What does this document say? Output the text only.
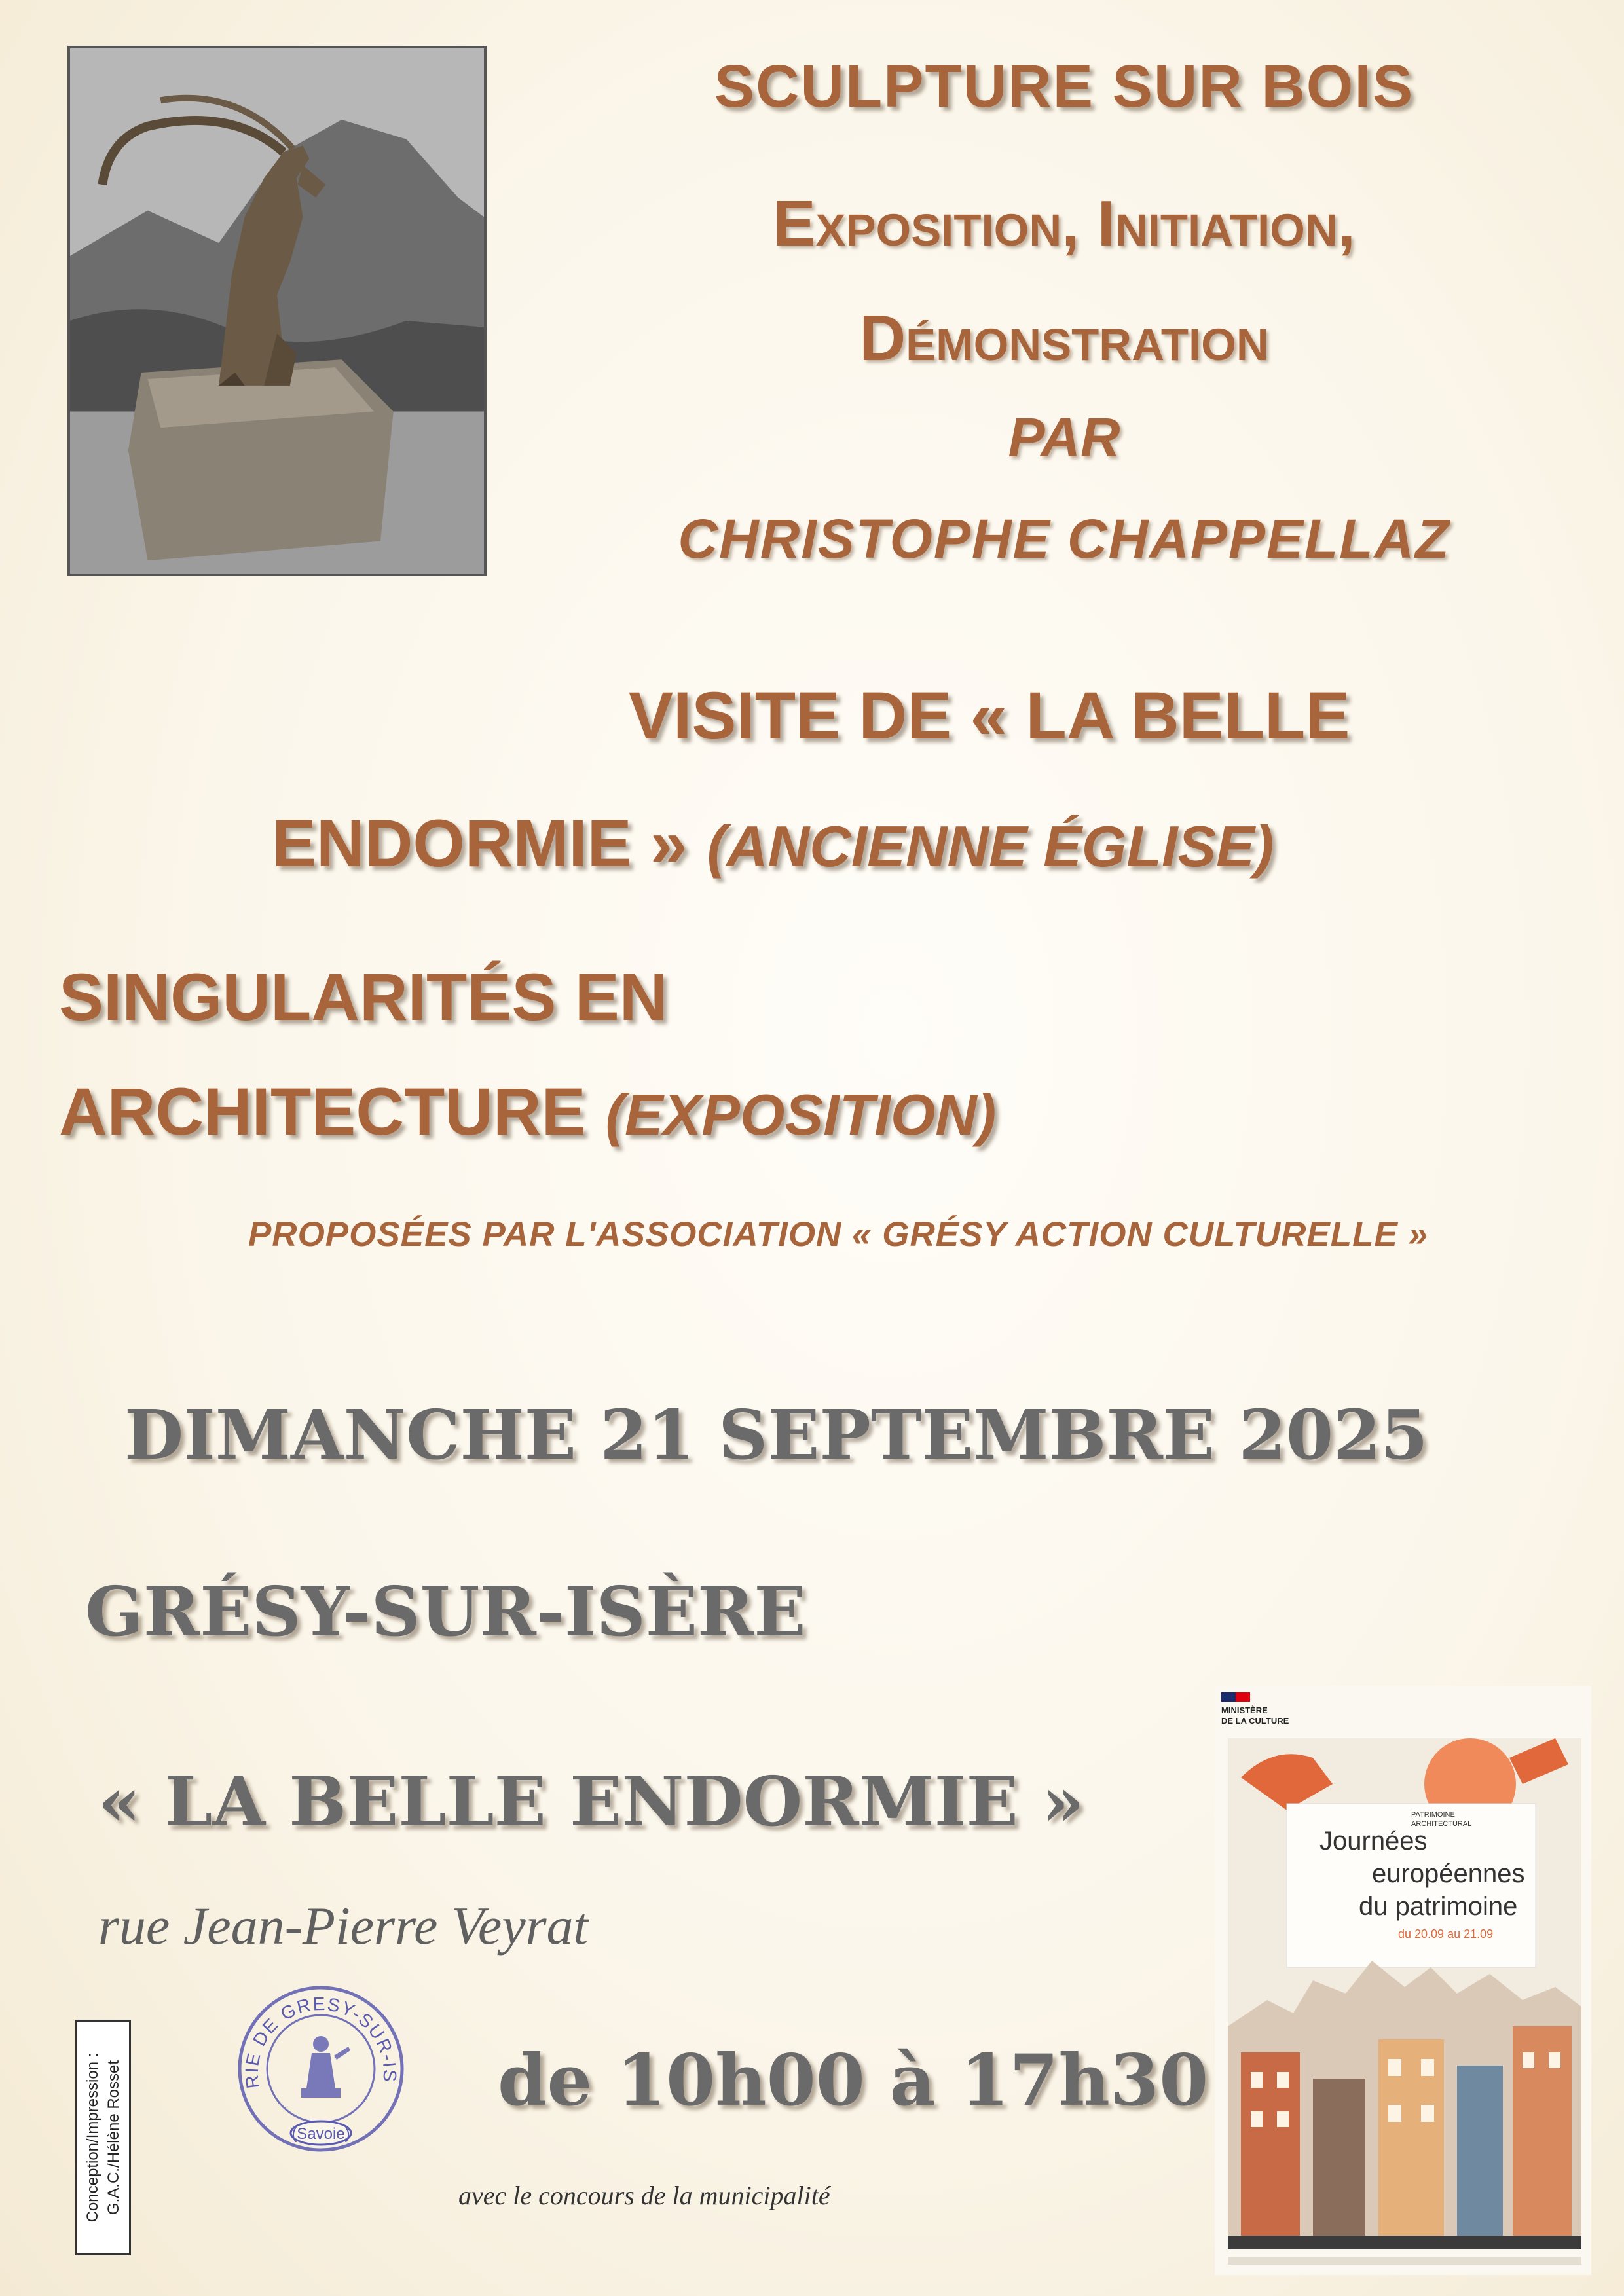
SCULPTURE SUR BOIS
Exposition, Initiation,
Démonstration
PAR
CHRISTOPHE CHAPPELLAZ
VISITE DE « LA BELLE
ENDORMIE » (ANCIENNE ÉGLISE)
SINGULARITÉS EN
ARCHITECTURE (EXPOSITION)
PROPOSÉES PAR L'ASSOCIATION « GRÉSY ACTION CULTURELLE »
DIMANCHE 21 SEPTEMBRE 2025
GRÉSY-SUR-ISÈRE
« LA BELLE ENDORMIE »
rue Jean-Pierre Veyrat
de 10h00 à 17h30
avec le concours de la municipalité
Conception/Impression : G.A.C./Hélène Rosset	RIE DE GRESY-SUR-IS
(Savoie)
MINISTÈRE
DE LA CULTURE
Journées
européennes
du patrimoine
PATRIMOINE
ARCHITECTURAL
du 20.09 au 21.09
